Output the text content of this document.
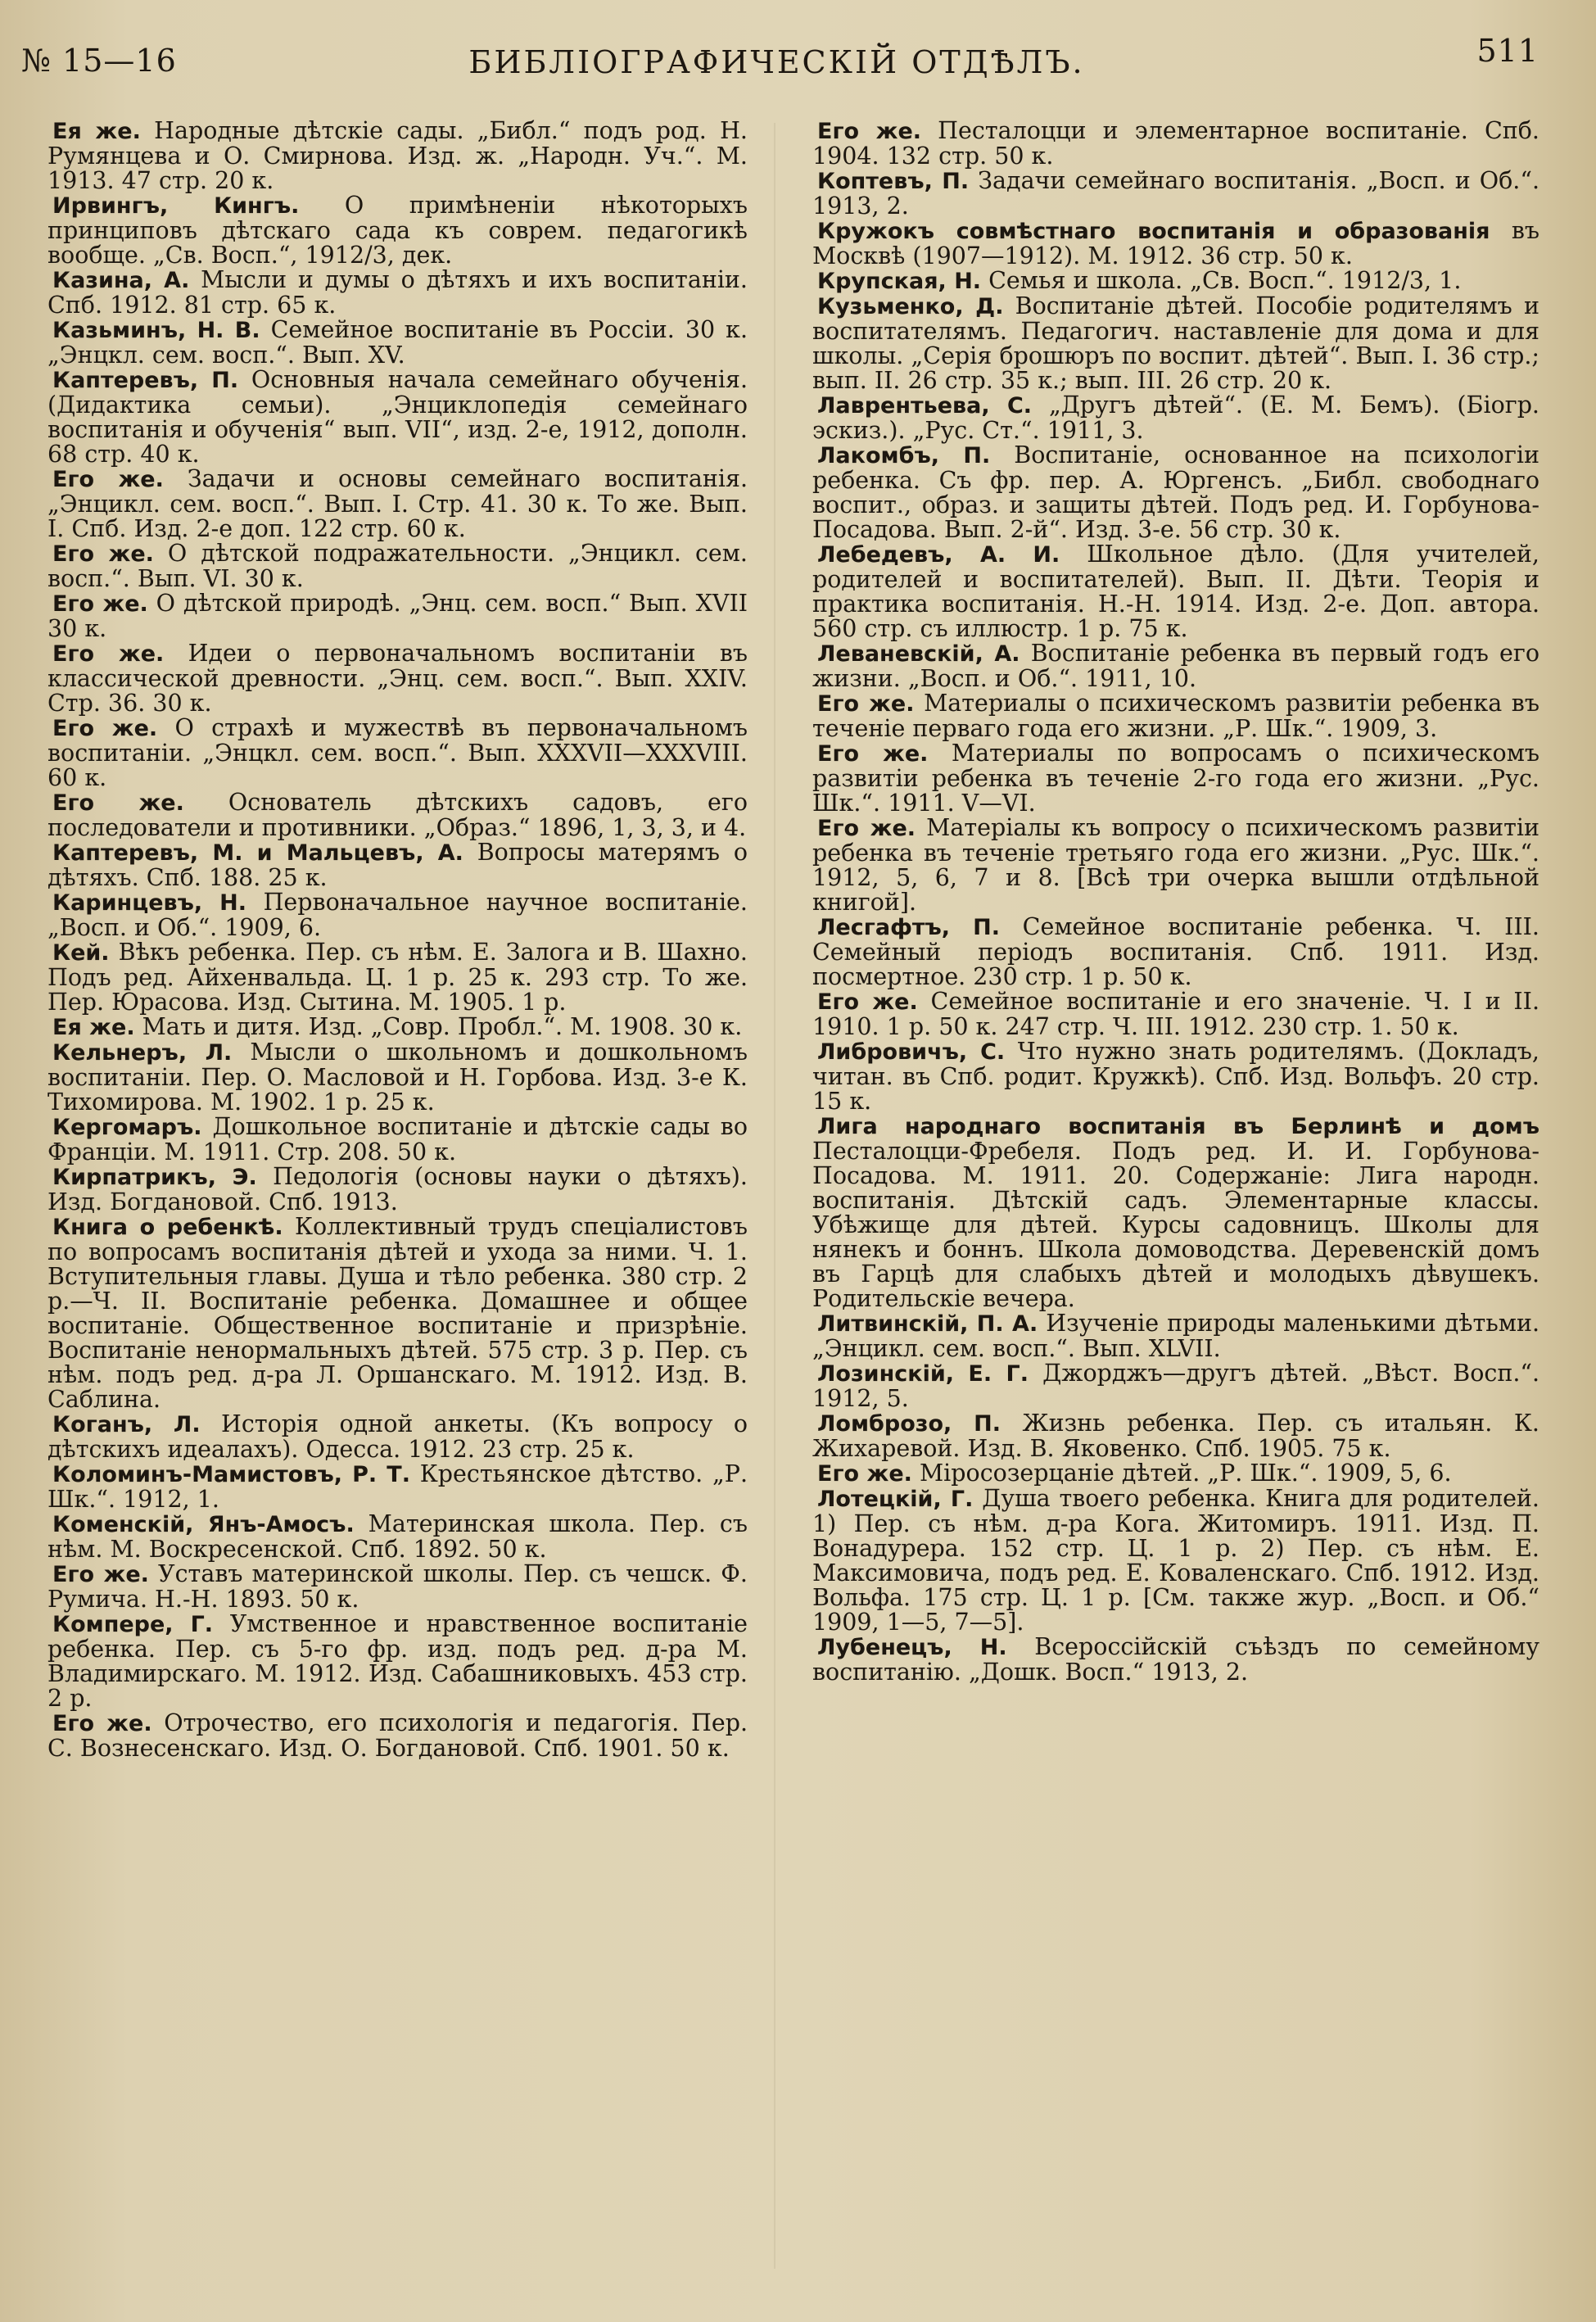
№ 15—16	БИБЛІОГРАФИЧЕСКІЙ ОТДѢЛЪ.	511
Ея же. Народные дѣтскіе сады. „Библ.“ подъ род. Н. Румянцева и О. Смирнова. Изд. ж. „Народн. Уч.“. М. 1913. 47 стр. 20 к.
Ирвингъ, Кингъ. О примѣненіи нѣкоторыхъ принциповъ дѣтскаго сада къ соврем. педагогикѣ вообще. „Св. Восп.“, 1912/3, дек.
Казина, А. Мысли и думы о дѣтяхъ и ихъ воспитаніи. Спб. 1912. 81 стр. 65 к.
Казьминъ, Н. В. Семейное воспитаніе въ Россіи. 30 к. „Энцкл. сем. восп.“. Вып. XV.
Каптеревъ, П. Основныя начала семейнаго обученія. (Дидактика семьи). „Энциклопедія семейнаго воспитанія и обученія“ вып. VII“, изд. 2-е, 1912, дополн. 68 стр. 40 к.
Его же. Задачи и основы семейнаго воспитанія. „Энцикл. сем. восп.“. Вып. I. Стр. 41. 30 к. То же. Вып. I. Спб. Изд. 2-е доп. 122 стр. 60 к.
Его же. О дѣтской подражательности. „Энцикл. сем. восп.“. Вып. VI. 30 к.
Его же. О дѣтской природѣ. „Энц. сем. восп.“ Вып. XVII 30 к.
Его же. Идеи о первоначальномъ воспитаніи въ классической древности. „Энц. сем. восп.“. Вып. XXIV. Стр. 36. 30 к.
Его же. О страхѣ и мужествѣ въ первоначальномъ воспитаніи. „Энцкл. сем. восп.“. Вып. XXXVII—XXXVIII. 60 к.
Его же. Основатель дѣтскихъ садовъ, его последователи и противники. „Образ.“ 1896, 1, 3, 3, и 4.
Каптеревъ, М. и Мальцевъ, А. Вопросы матерямъ о дѣтяхъ. Спб. 188. 25 к.
Каринцевъ, Н. Первоначальное научное воспитаніе. „Восп. и Об.“. 1909, 6.
Кей. Вѣкъ ребенка. Пер. съ нѣм. Е. Залога и В. Шахно. Подъ ред. Айхенвальда. Ц. 1 р. 25 к. 293 стр. То же. Пер. Юрасова. Изд. Сытина. М. 1905. 1 р.
Ея же. Мать и дитя. Изд. „Совр. Пробл.“. М. 1908. 30 к.
Кельнеръ, Л. Мысли о школьномъ и дошкольномъ воспитаніи. Пер. О. Масловой и Н. Горбова. Изд. 3-е К. Тихомирова. М. 1902. 1 р. 25 к.
Кергомаръ. Дошкольное воспитаніе и дѣтскіе сады во Франціи. М. 1911. Стр. 208. 50 к.
Кирпатрикъ, Э. Педологія (основы науки о дѣтяхъ). Изд. Богдановой. Спб. 1913.
Книга о ребенкѣ. Коллективный трудъ спеціалистовъ по вопросамъ воспитанія дѣтей и ухода за ними. Ч. 1. Вступительныя главы. Душа и тѣло ребенка. 380 стр. 2 р.—Ч. II. Воспитаніе ребенка. Домашнее и общее воспитаніе. Общественное воспитаніе и призрѣніе. Воспитаніе ненормальныхъ дѣтей. 575 стр. 3 р. Пер. съ нѣм. подъ ред. д-ра Л. Оршанскаго. М. 1912. Изд. В. Саблина.
Коганъ, Л. Исторія одной анкеты. (Къ вопросу о дѣтскихъ идеалахъ). Одесса. 1912. 23 стр. 25 к.
Коломинъ-Мамистовъ, Р. Т. Крестьянское дѣтство. „Р. Шк.“. 1912, 1.
Коменскій, Янъ-Амосъ. Материнская школа. Пер. съ нѣм. М. Воскресенской. Спб. 1892. 50 к.
Его же. Уставъ материнской школы. Пер. съ чешск. Ф. Румича. Н.-Н. 1893. 50 к.
Компере, Г. Умственное и нравственное воспитаніе ребенка. Пер. съ 5-го фр. изд. подъ ред. д-ра М. Владимирскаго. М. 1912. Изд. Сабашниковыхъ. 453 стр. 2 р.
Его же. Отрочество, его психологія и педагогія. Пер. С. Вознесенскаго. Изд. О. Богдановой. Спб. 1901. 50 к.
Его же. Песталоцци и элементарное воспитаніе. Спб. 1904. 132 стр. 50 к.
Коптевъ, П. Задачи семейнаго воспитанія. „Восп. и Об.“. 1913, 2.
Кружокъ совмѣстнаго воспитанія и образованія въ Москвѣ (1907—1912). М. 1912. 36 стр. 50 к.
Крупская, Н. Семья и школа. „Св. Восп.“. 1912/3, 1.
Кузьменко, Д. Воспитаніе дѣтей. Пособіе родителямъ и воспитателямъ. Педагогич. наставленіе для дома и для школы. „Серія брошюръ по воспит. дѣтей“. Вып. I. 36 стр.; вып. II. 26 стр. 35 к.; вып. III. 26 стр. 20 к.
Лаврентьева, С. „Другъ дѣтей“. (Е. М. Бемъ). (Біогр. эскиз.). „Рус. Ст.“. 1911, 3.
Лакомбъ, П. Воспитаніе, основанное на психологіи ребенка. Съ фр. пер. А. Юргенсъ. „Библ. свободнаго воспит., образ. и защиты дѣтей. Подъ ред. И. Горбунова-Посадова. Вып. 2-й“. Изд. 3-е. 56 стр. 30 к.
Лебедевъ, А. И. Школьное дѣло. (Для учителей, родителей и воспитателей). Вып. II. Дѣти. Теорія и практика воспитанія. Н.-Н. 1914. Изд. 2-е. Доп. автора. 560 стр. съ иллюстр. 1 р. 75 к.
Леваневскій, А. Воспитаніе ребенка въ первый годъ его жизни. „Восп. и Об.“. 1911, 10.
Его же. Материалы о психическомъ развитіи ребенка въ теченіе перваго года его жизни. „Р. Шк.“. 1909, 3.
Его же. Материалы по вопросамъ о психическомъ развитіи ребенка въ теченіе 2-го года его жизни. „Рус. Шк.“. 1911. V—VI.
Его же. Матеріалы къ вопросу о психическомъ развитіи ребенка въ теченіе третьяго года его жизни. „Рус. Шк.“. 1912, 5, 6, 7 и 8. [Всѣ три очерка вышли отдѣльной книгой].
Лесгафтъ, П. Семейное воспитаніе ребенка. Ч. III. Семейный періодъ воспитанія. Спб. 1911. Изд. посмертное. 230 стр. 1 р. 50 к.
Его же. Семейное воспитаніе и его значеніе. Ч. I и II. 1910. 1 р. 50 к. 247 стр. Ч. III. 1912. 230 стр. 1. 50 к.
Либровичъ, С. Что нужно знать родителямъ. (Докладъ, читан. въ Спб. родит. Кружкѣ). Спб. Изд. Вольфъ. 20 стр. 15 к.
Лига народнаго воспитанія въ Берлинѣ и домъ Песталоцци-Фребеля. Подъ ред. И. И. Горбунова-Посадова. М. 1911. 20. Содержаніе: Лига народн. воспитанія. Дѣтскій садъ. Элементарные классы. Убѣжище для дѣтей. Курсы садовницъ. Школы для нянекъ и боннъ. Школа домоводства. Деревенскій домъ въ Гарцѣ для слабыхъ дѣтей и молодыхъ дѣвушекъ. Родительскіе вечера.
Литвинскій, П. А. Изученіе природы маленькими дѣтьми. „Энцикл. сем. восп.“. Вып. XLVII.
Лозинскій, Е. Г. Джорджъ—другъ дѣтей. „Вѣст. Восп.“. 1912, 5.
Ломброзо, П. Жизнь ребенка. Пер. съ итальян. К. Жихаревой. Изд. В. Яковенко. Спб. 1905. 75 к.
Его же. Міросозерцаніе дѣтей. „Р. Шк.“. 1909, 5, 6.
Лотецкій, Г. Душа твоего ребенка. Книга для родителей. 1) Пер. съ нѣм. д-ра Кога. Житомиръ. 1911. Изд. П. Вонадурера. 152 стр. Ц. 1 р. 2) Пер. съ нѣм. Е. Максимовича, подъ ред. Е. Коваленскаго. Спб. 1912. Изд. Вольфа. 175 стр. Ц. 1 р. [См. также жур. „Восп. и Об.“ 1909, 1—5, 7—5].
Лубенецъ, Н. Всероссійскій съѣздъ по семейному воспитанію. „Дошк. Восп.“ 1913, 2.
